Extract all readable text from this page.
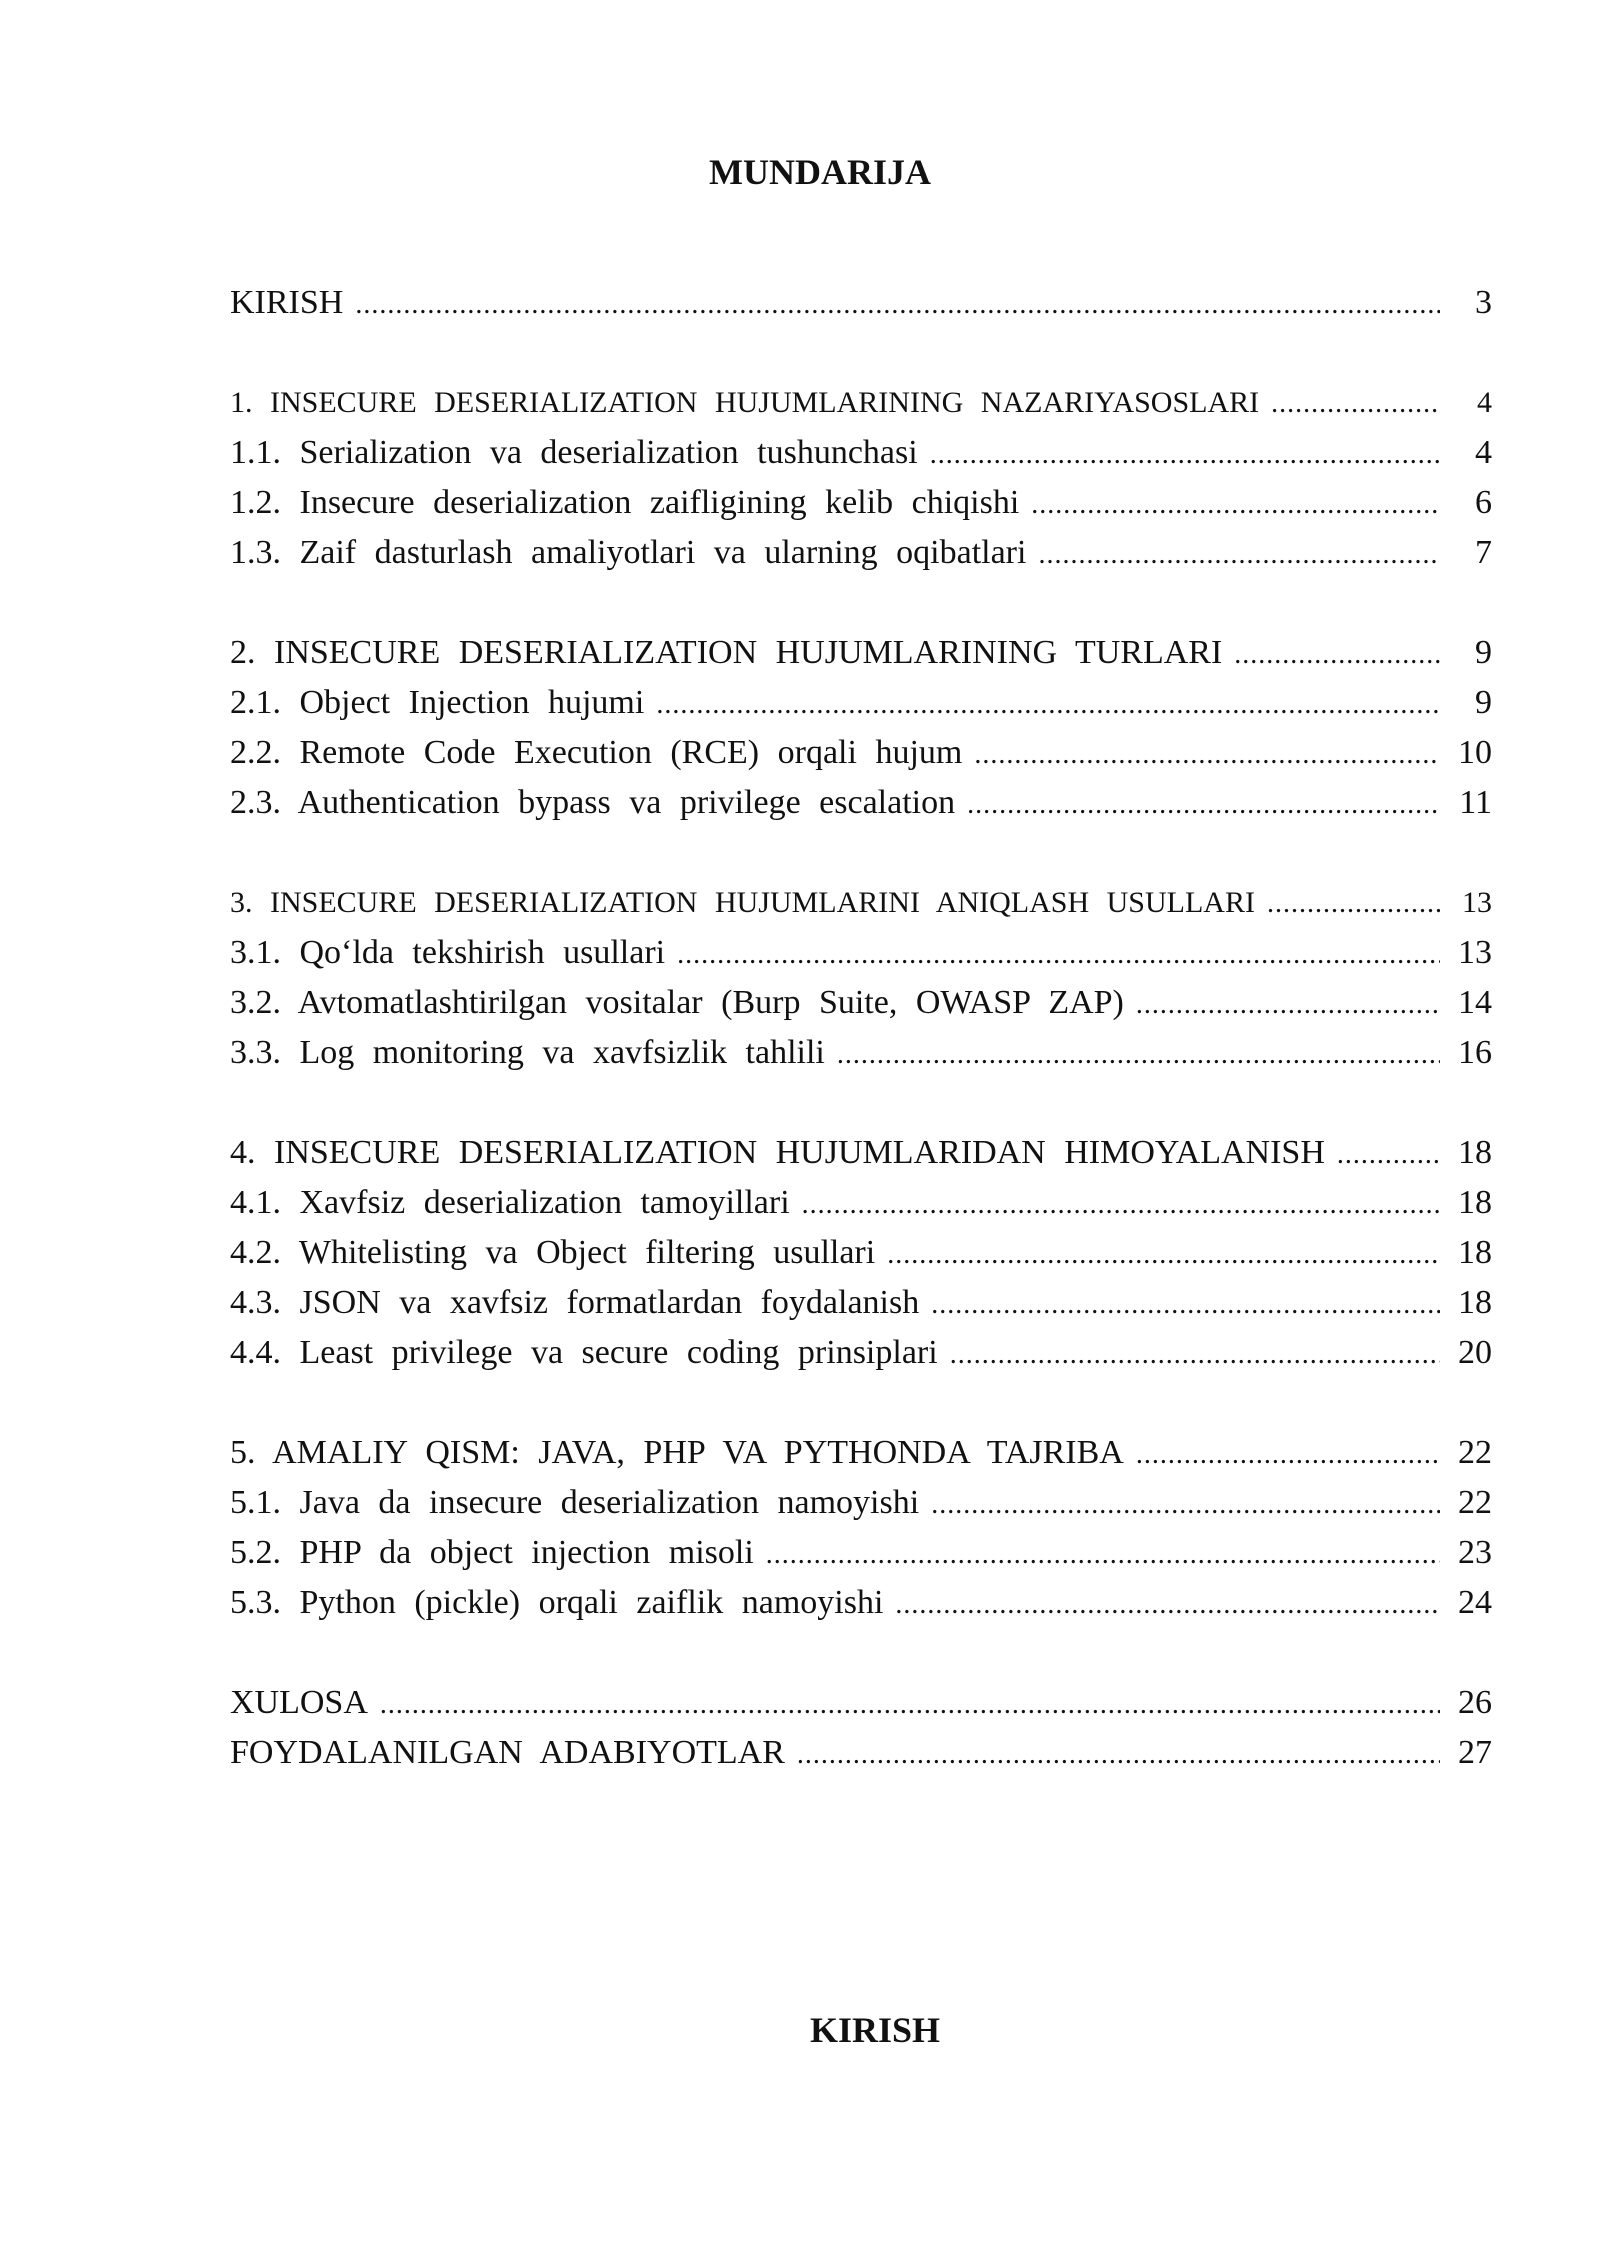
MUNDARIJA
KIRISH .....	3
1. INSECURE DESERIALIZATION HUJUMLARINING NAZARIYASOSLARI .....	4
1.1. Serialization va deserialization tushunchasi .....	4
1.2. Insecure deserialization zaifligining kelib chiqishi .....	6
1.3. Zaif dasturlash amaliyotlari va ularning oqibatlari .....	7
2. INSECURE DESERIALIZATION HUJUMLARINING TURLARI .....	9
2.1. Object Injection hujumi .....	9
2.2. Remote Code Execution (RCE) orqali hujum .....	10
2.3. Authentication bypass va privilege escalation .....	11
3. INSECURE DESERIALIZATION HUJUMLARINI ANIQLASH USULLARI .....	13
3.1. Qo‘lda tekshirish usullari .....	13
3.2. Avtomatlashtirilgan vositalar (Burp Suite, OWASP ZAP) .....	14
3.3. Log monitoring va xavfsizlik tahlili .....	16
4. INSECURE DESERIALIZATION HUJUMLARIDAN HIMOYALANISH .....	18
4.1. Xavfsiz deserialization tamoyillari .....	18
4.2. Whitelisting va Object filtering usullari .....	18
4.3. JSON va xavfsiz formatlardan foydalanish .....	18
4.4. Least privilege va secure coding prinsiplari .....	20
5. AMALIY QISM: JAVA, PHP VA PYTHONDA TAJRIBA .....	22
5.1. Java da insecure deserialization namoyishi .....	22
5.2. PHP da object injection misoli .....	23
5.3. Python (pickle) orqali zaiflik namoyishi .....	24
XULOSA .....	26
FOYDALANILGAN ADABIYOTLAR .....	27
KIRISH
